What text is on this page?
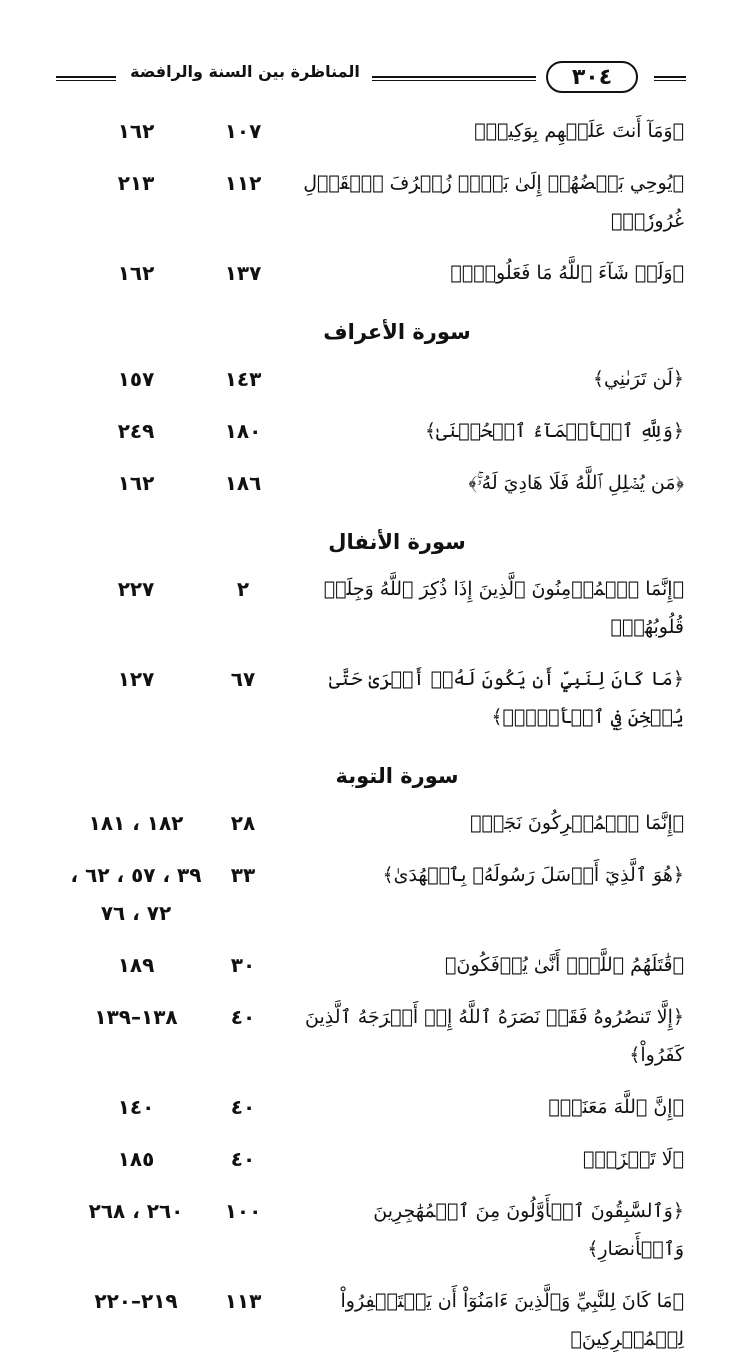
٣٠٤
المناظرة بين السنة والرافضة
﴿وَمَآ أَنتَ عَلَيۡهِم بِوَكِيلٖ﴾
١٠٧
١٦٢
﴿يُوحِي بَعۡضُهُمۡ إِلَىٰ بَعۡضٖ زُخۡرُفَ ٱلۡقَوۡلِ غُرُورٗاۚ﴾
١١٢
٢١٣
﴿وَلَوۡ شَآءَ ٱللَّهُ مَا فَعَلُوهُۖ﴾
١٣٧
١٦٢
سورة الأعراف
﴿لَن تَرَىٰنِي﴾
١٤٣
١٥٧
﴿وَلِلَّهِ ٱلۡأَسۡمَآءُ ٱلۡحُسۡنَىٰ﴾
١٨٠
٢٤٩
﴿مَن يُضۡلِلِ ٱللَّهُ فَلَا هَادِيَ لَهُۥۚ﴾
١٨٦
١٦٢
سورة الأنفال
﴿إِنَّمَا ٱلۡمُؤۡمِنُونَ ٱلَّذِينَ إِذَا ذُكِرَ ٱللَّهُ وَجِلَتۡ قُلُوبُهُمۡ﴾
٢
٢٢٧
﴿مَا كَانَ لِنَبِيٍّ أَن يَكُونَ لَهُۥٓ أَسۡرَىٰ حَتَّىٰ يُثۡخِنَ فِي ٱلۡأَرۡضِۚ﴾
٦٧
١٢٧
سورة التوبة
﴿إِنَّمَا ٱلۡمُشۡرِكُونَ نَجَسٞ﴾
٢٨
١٨٢ ، ١٨١
﴿هُوَ ٱلَّذِيٓ أَرۡسَلَ رَسُولَهُۥ بِٱلۡهُدَىٰ﴾
٣٣
٣٩ ، ٥٧ ، ٦٢ ، ٧٢ ، ٧٦
﴿قَٰتَلَهُمُ ٱللَّهُۖ أَنَّىٰ يُؤۡفَكُونَ﴾
٣٠
١٨٩
﴿إِلَّا تَنصُرُوهُ فَقَدۡ نَصَرَهُ ٱللَّهُ إِذۡ أَخۡرَجَهُ ٱلَّذِينَ كَفَرُواْ﴾
٤٠
١٣٨–١٣٩
﴿إِنَّ ٱللَّهَ مَعَنَاۖ﴾
٤٠
١٤٠
﴿لَا تَحۡزَنۡ﴾
٤٠
١٨٥
﴿وَٱلسَّٰبِقُونَ ٱلۡأَوَّلُونَ مِنَ ٱلۡمُهَٰجِرِينَ وَٱلۡأَنصَارِ﴾
١٠٠
٢٦٠ ، ٢٦٨
﴿مَا كَانَ لِلنَّبِيِّ وَٱلَّذِينَ ءَامَنُوٓاْ أَن يَسۡتَغۡفِرُواْ لِلۡمُشۡرِكِينَ﴾
١١٣
٢١٩–٢٢٠
